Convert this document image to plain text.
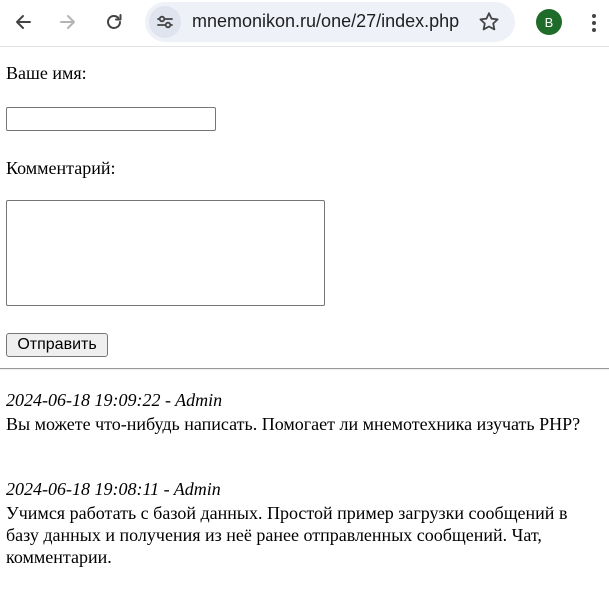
mnemonikon.ru/one/27/index.php	B
Ваше имя:
Комментарий:
Отправить
2024-06-18 19:09:22 - Admin
Вы можете что-нибудь написать. Помогает ли мнемотехника изучать PHP?
2024-06-18 19:08:11 - Admin
Учимся работать с базой данных. Простой пример загрузки сообщений в базу данных и получения из неё ранее отправленных сообщений. Чат, комментарии.
